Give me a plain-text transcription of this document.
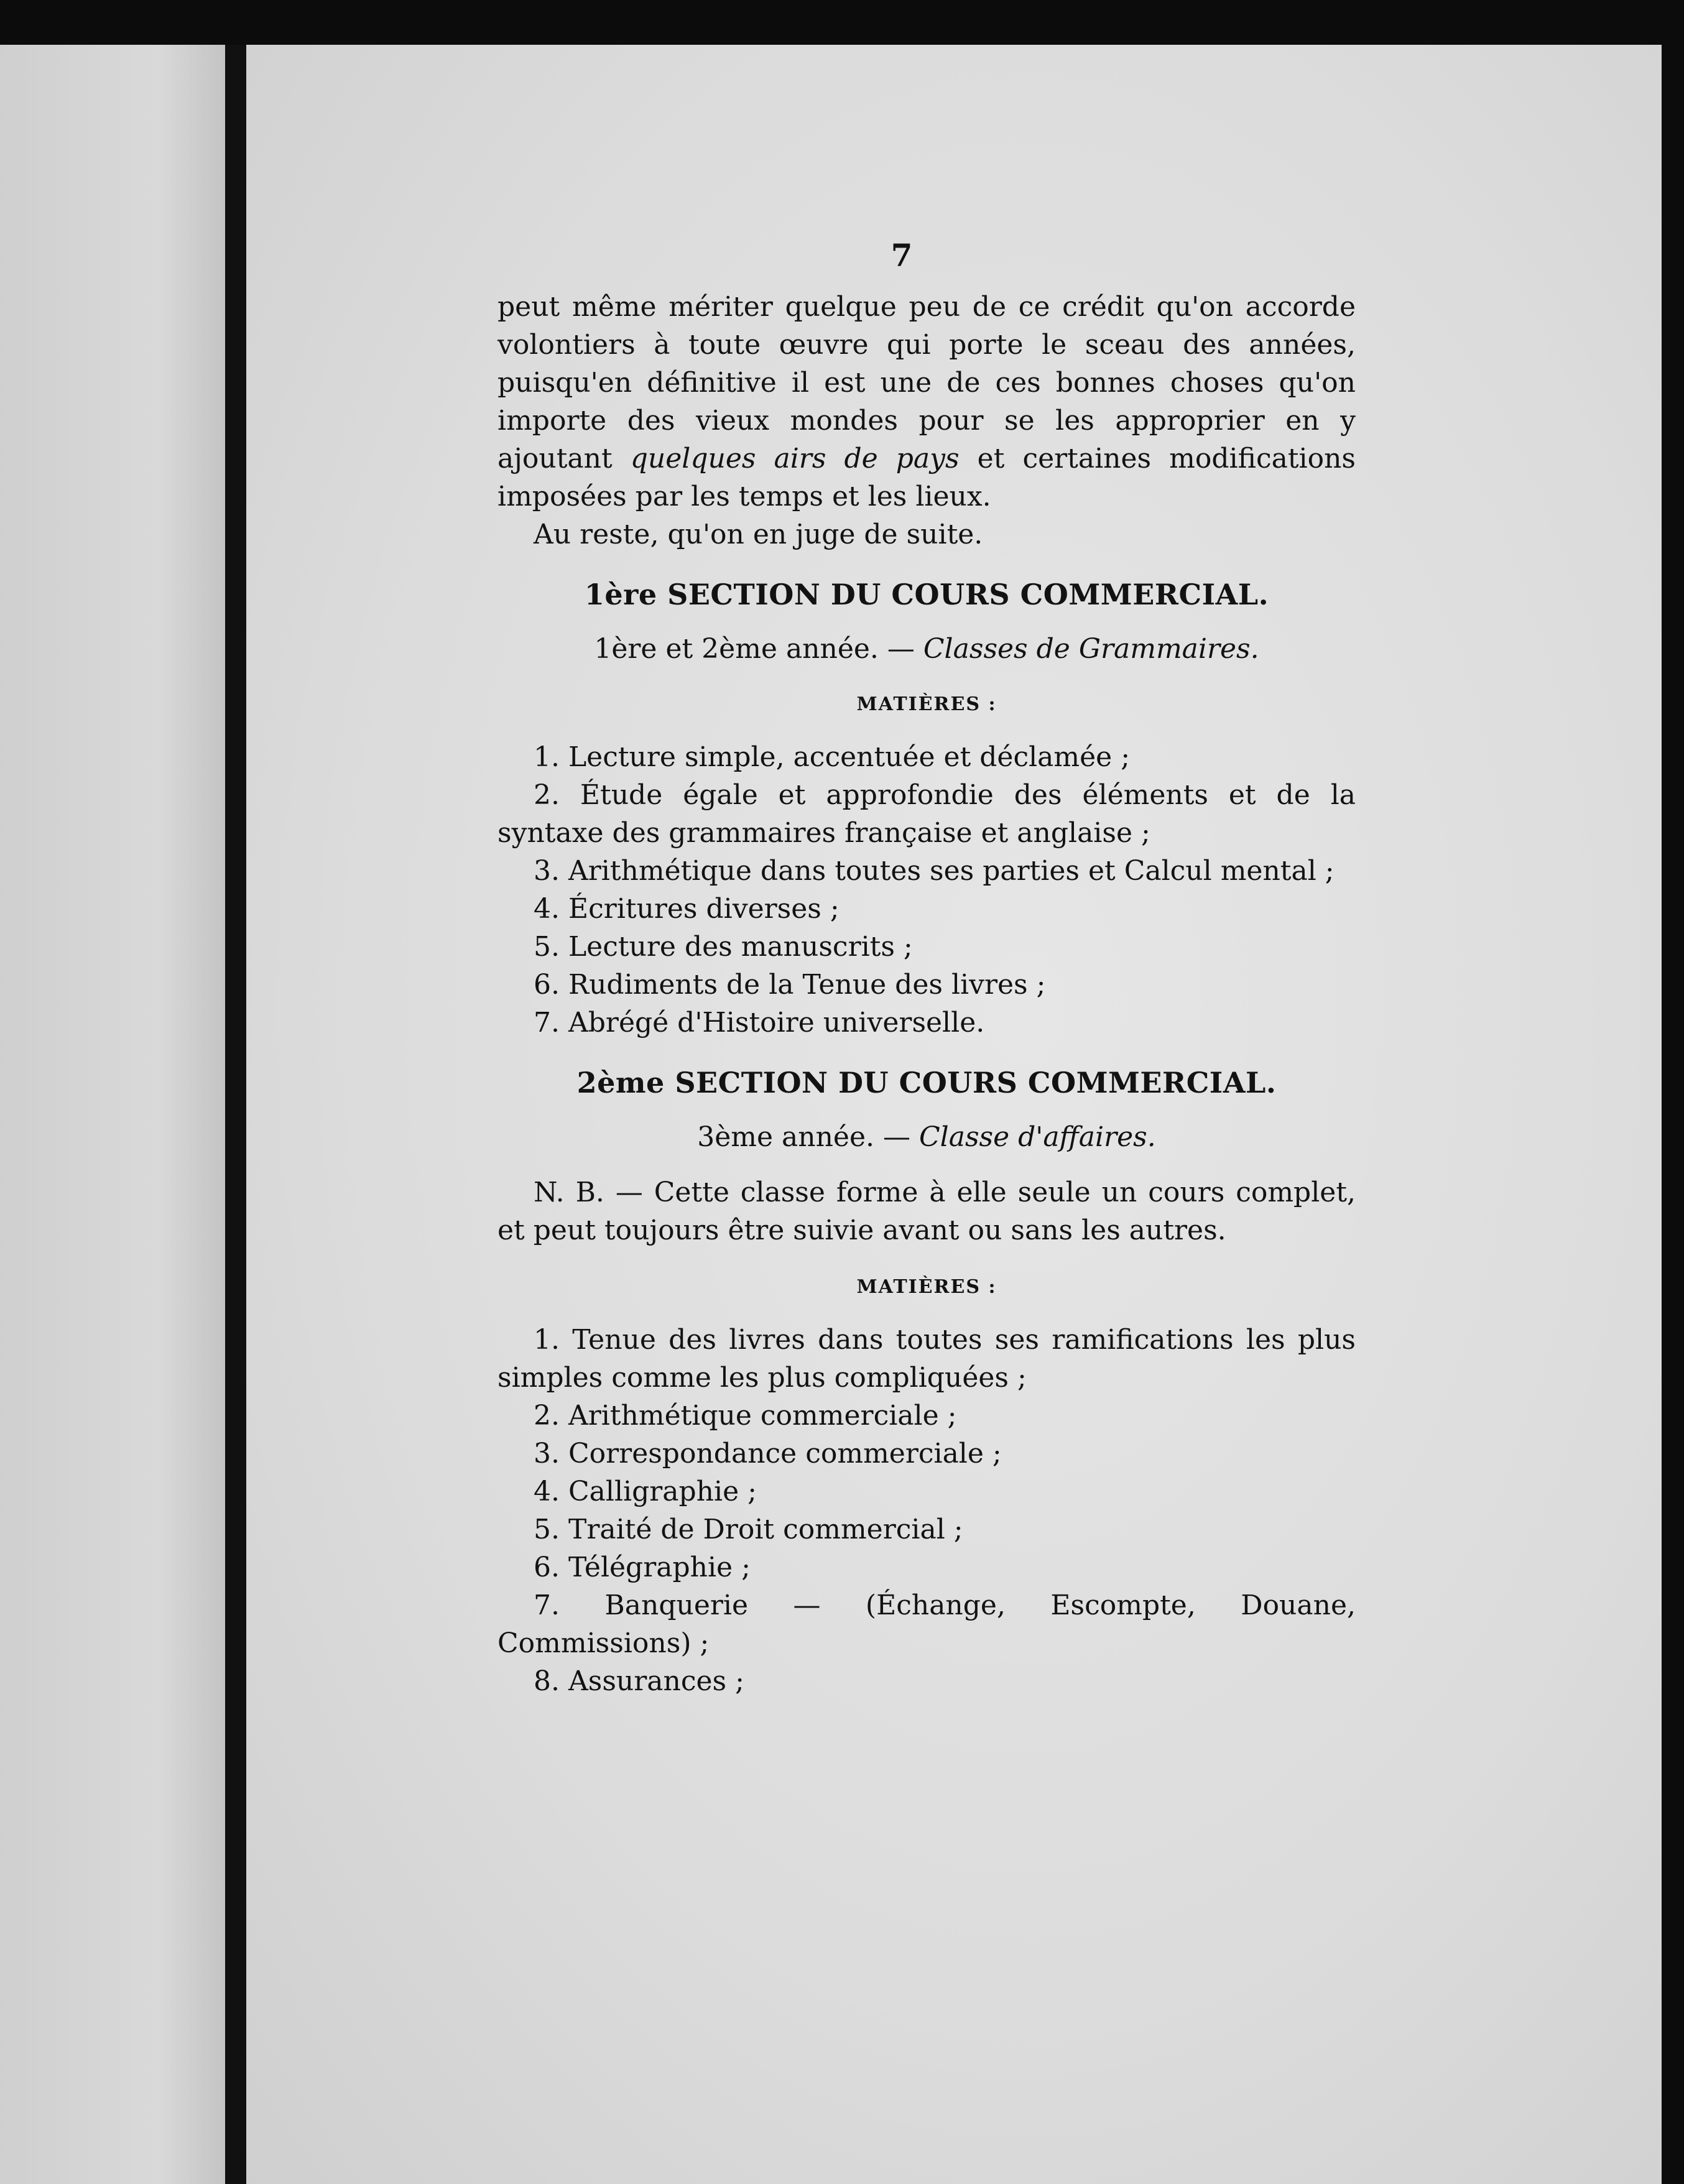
7

peut même mériter quelque peu de ce crédit qu'on accorde volontiers à toute œuvre qui porte le sceau des années, puisqu'en définitive il est une de ces bonnes choses qu'on importe des vieux mondes pour se les approprier en y ajoutant quelques airs de pays et certaines modifications imposées par les temps et les lieux.

Au reste, qu'on en juge de suite.

1ère SECTION DU COURS COMMERCIAL.
1ère et 2ème année. — Classes de Grammaires.
MATIÈRES :

1. Lecture simple, accentuée et déclamée ;

2. Étude égale et approfondie des éléments et de la syntaxe des grammaires française et anglaise ;

3. Arithmétique dans toutes ses parties et Calcul mental ;

4. Écritures diverses ;

5. Lecture des manuscrits ;

6. Rudiments de la Tenue des livres ;

7. Abrégé d'Histoire universelle.

2ème SECTION DU COURS COMMERCIAL.
3ème année. — Classe d'affaires.

N. B. — Cette classe forme à elle seule un cours complet, et peut toujours être suivie avant ou sans les autres.

MATIÈRES :

1. Tenue des livres dans toutes ses ramifications les plus simples comme les plus compliquées ;

2. Arithmétique commerciale ;

3. Correspondance commerciale ;

4. Calligraphie ;

5. Traité de Droit commercial ;

6. Télégraphie ;

7. Banquerie — (Échange, Escompte, Douane, Commissions) ;

8. Assurances ;
